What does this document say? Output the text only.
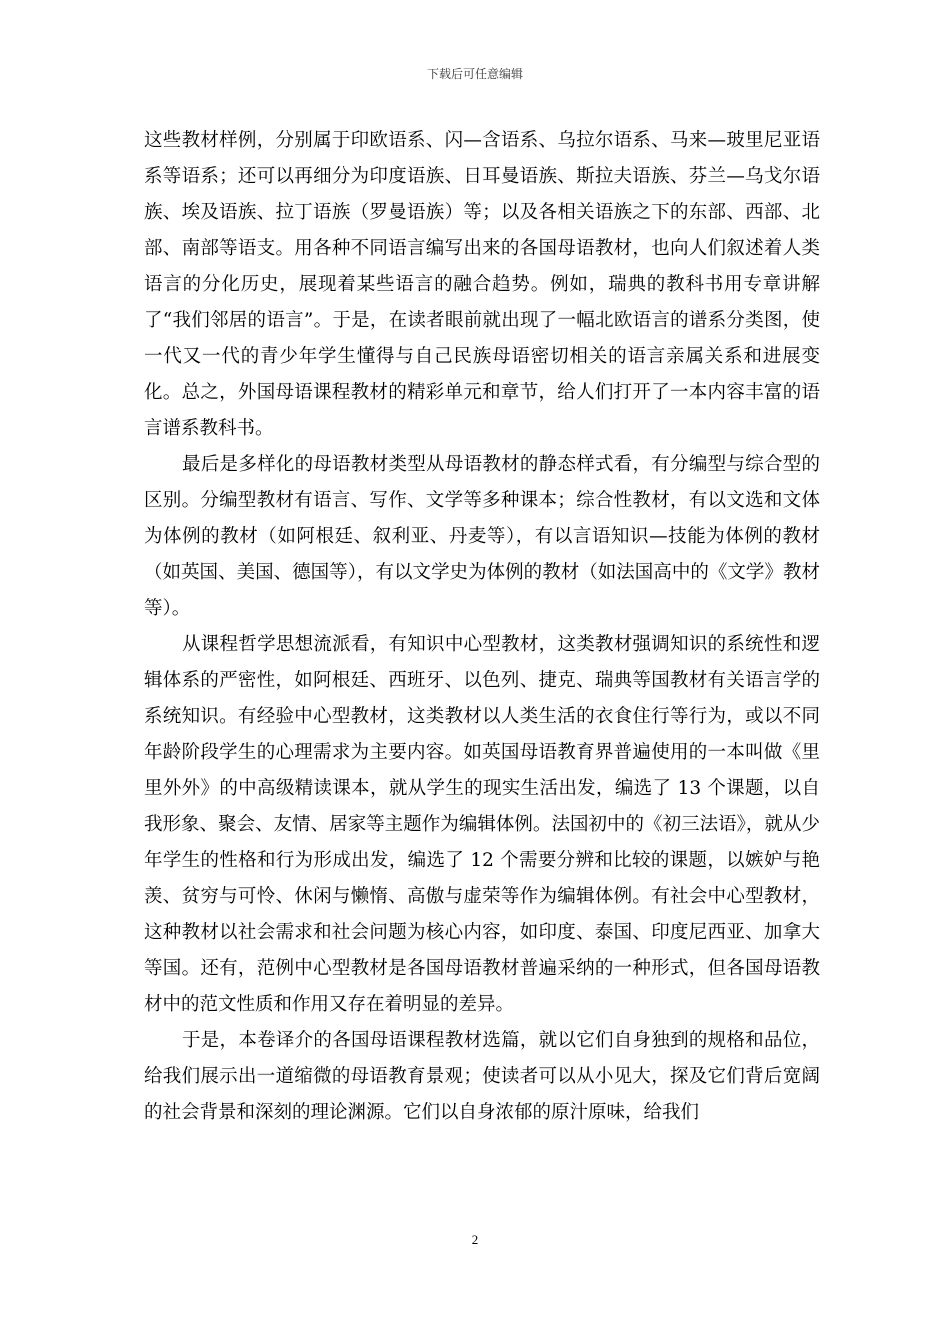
下载后可任意编辑

这些教材样例，分别属于印欧语系、闪—含语系、乌拉尔语系、马来—玻里尼亚语系等语系；还可以再细分为印度语族、日耳曼语族、斯拉夫语族、芬兰—乌戈尔语族、埃及语族、拉丁语族（罗曼语族）等；以及各相关语族之下的东部、西部、北部、南部等语支。用各种不同语言编写出来的各国母语教材，也向人们叙述着人类语言的分化历史，展现着某些语言的融合趋势。例如，瑞典的教科书用专章讲解了“我们邻居的语言”。于是，在读者眼前就出现了一幅北欧语言的谱系分类图，使一代又一代的青少年学生懂得与自己民族母语密切相关的语言亲属关系和进展变化。总之，外国母语课程教材的精彩单元和章节，给人们打开了一本内容丰富的语言谱系教科书。

最后是多样化的母语教材类型从母语教材的静态样式看，有分编型与综合型的区别。分编型教材有语言、写作、文学等多种课本；综合性教材，有以文选和文体为体例的教材（如阿根廷、叙利亚、丹麦等），有以言语知识—技能为体例的教材（如英国、美国、德国等），有以文学史为体例的教材（如法国高中的《文学》教材等）。

从课程哲学思想流派看，有知识中心型教材，这类教材强调知识的系统性和逻辑体系的严密性，如阿根廷、西班牙、以色列、捷克、瑞典等国教材有关语言学的系统知识。有经验中心型教材，这类教材以人类生活的衣食住行等行为，或以不同年龄阶段学生的心理需求为主要内容。如英国母语教育界普遍使用的一本叫做《里里外外》的中高级精读课本，就从学生的现实生活出发，编选了 13 个课题，以自我形象、聚会、友情、居家等主题作为编辑体例。法国初中的《初三法语》，就从少年学生的性格和行为形成出发，编选了 12 个需要分辨和比较的课题，以嫉妒与艳羡、贫穷与可怜、休闲与懒惰、高傲与虚荣等作为编辑体例。有社会中心型教材，这种教材以社会需求和社会问题为核心内容，如印度、泰国、印度尼西亚、加拿大等国。还有，范例中心型教材是各国母语教材普遍采纳的一种形式，但各国母语教材中的范文性质和作用又存在着明显的差异。

于是，本卷译介的各国母语课程教材选篇，就以它们自身独到的规格和品位，给我们展示出一道缩微的母语教育景观；使读者可以从小见大，探及它们背后宽阔的社会背景和深刻的理论渊源。它们以自身浓郁的原汁原味，给我们

2
